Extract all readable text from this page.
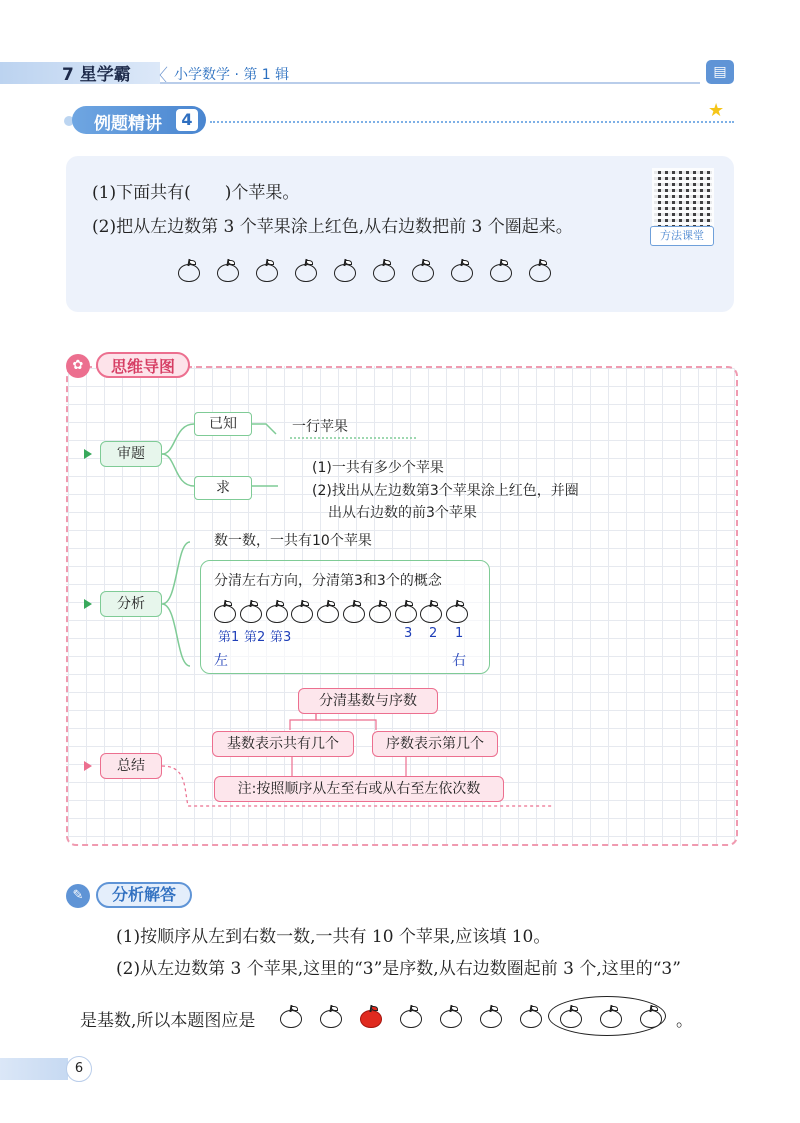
7 星学霸 〈 小学数学 · 第 1 辑	▤
例题精讲	4	★
(1)下面共有(　　)个苹果。
(2)把从左边数第 3 个苹果涂上红色,从右边数把前 3 个圈起来。	方法课堂
✿	思维导图
审题
已知	一行苹果
求
(1)一共有多少个苹果
(2)找出从左边数第3个苹果涂上红色，并圈
出从右边数的前3个苹果
分析
数一数，一共有10个苹果
分清左右方向，分清第3和3个的概念
第1 第2 第3	3 2 1
左	右
分清基数与序数
基数表示共有几个	序数表示第几个
总结
注:按照顺序从左至右或从右至左依次数
✎	分析解答
(1)按顺序从左到右数一数,一共有 10 个苹果,应该填 10。
(2)从左边数第 3 个苹果,这里的“3”是序数,从右边数圈起前 3 个,这里的“3”
是基数,所以本题图应是	。
6
